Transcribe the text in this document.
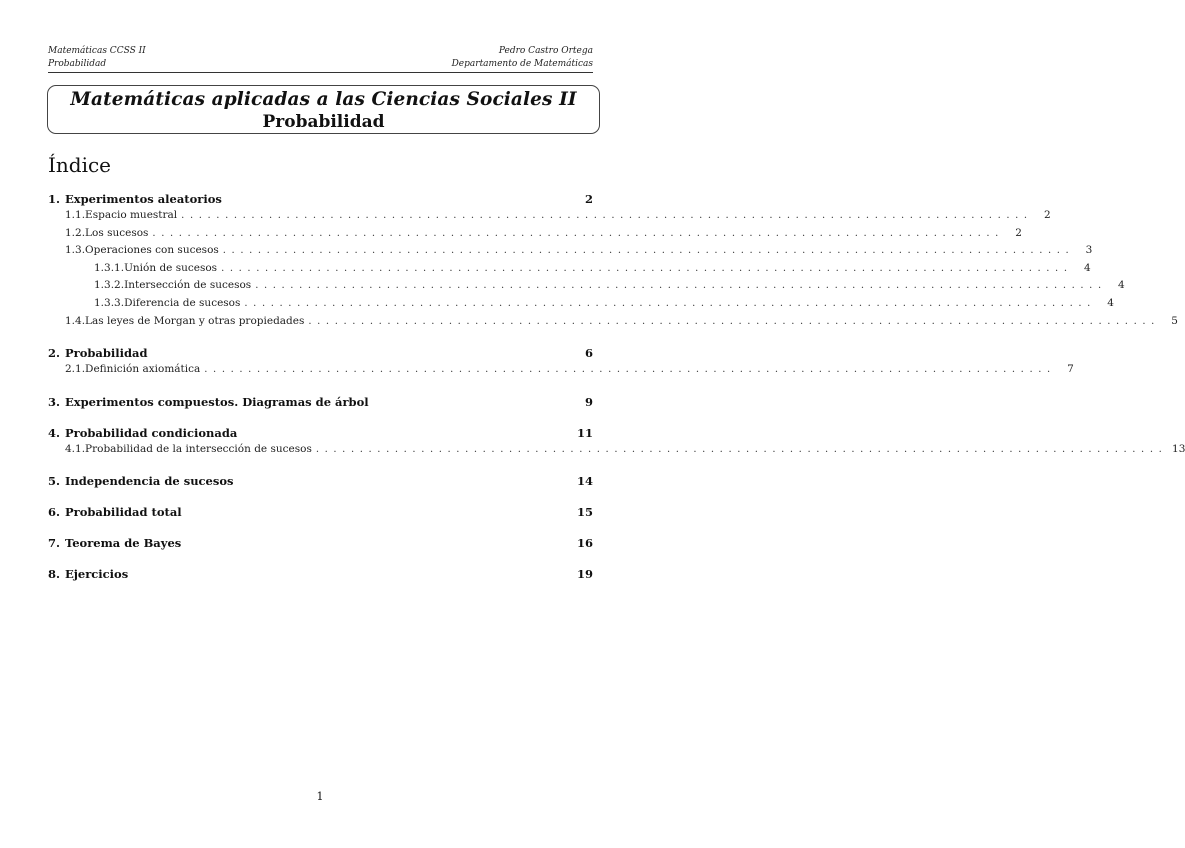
Matemáticas CCSS II	Pedro Castro Ortega
Probabilidad	Departamento de Matemáticas
Matemáticas aplicadas a las Ciencias Sociales II
Probabilidad
Índice
1. Experimentos aleatorios	2
1.1. Espacio muestral .................................................................................................	2
1.2. Los sucesos .................................................................................................	2
1.3. Operaciones con sucesos .................................................................................................	3
1.3.1. Unión de sucesos .................................................................................................	4
1.3.2. Intersección de sucesos .................................................................................................	4
1.3.3. Diferencia de sucesos .................................................................................................	4
1.4. Las leyes de Morgan y otras propiedades .................................................................................................	5
2. Probabilidad	6
2.1. Definición axiomática .................................................................................................	7
3. Experimentos compuestos. Diagramas de árbol	9
4. Probabilidad condicionada	11
4.1. Probabilidad de la intersección de sucesos ................................................................................................. 13
5. Independencia de sucesos	14
6. Probabilidad total	15
7. Teorema de Bayes	16
8. Ejercicios	19
1
